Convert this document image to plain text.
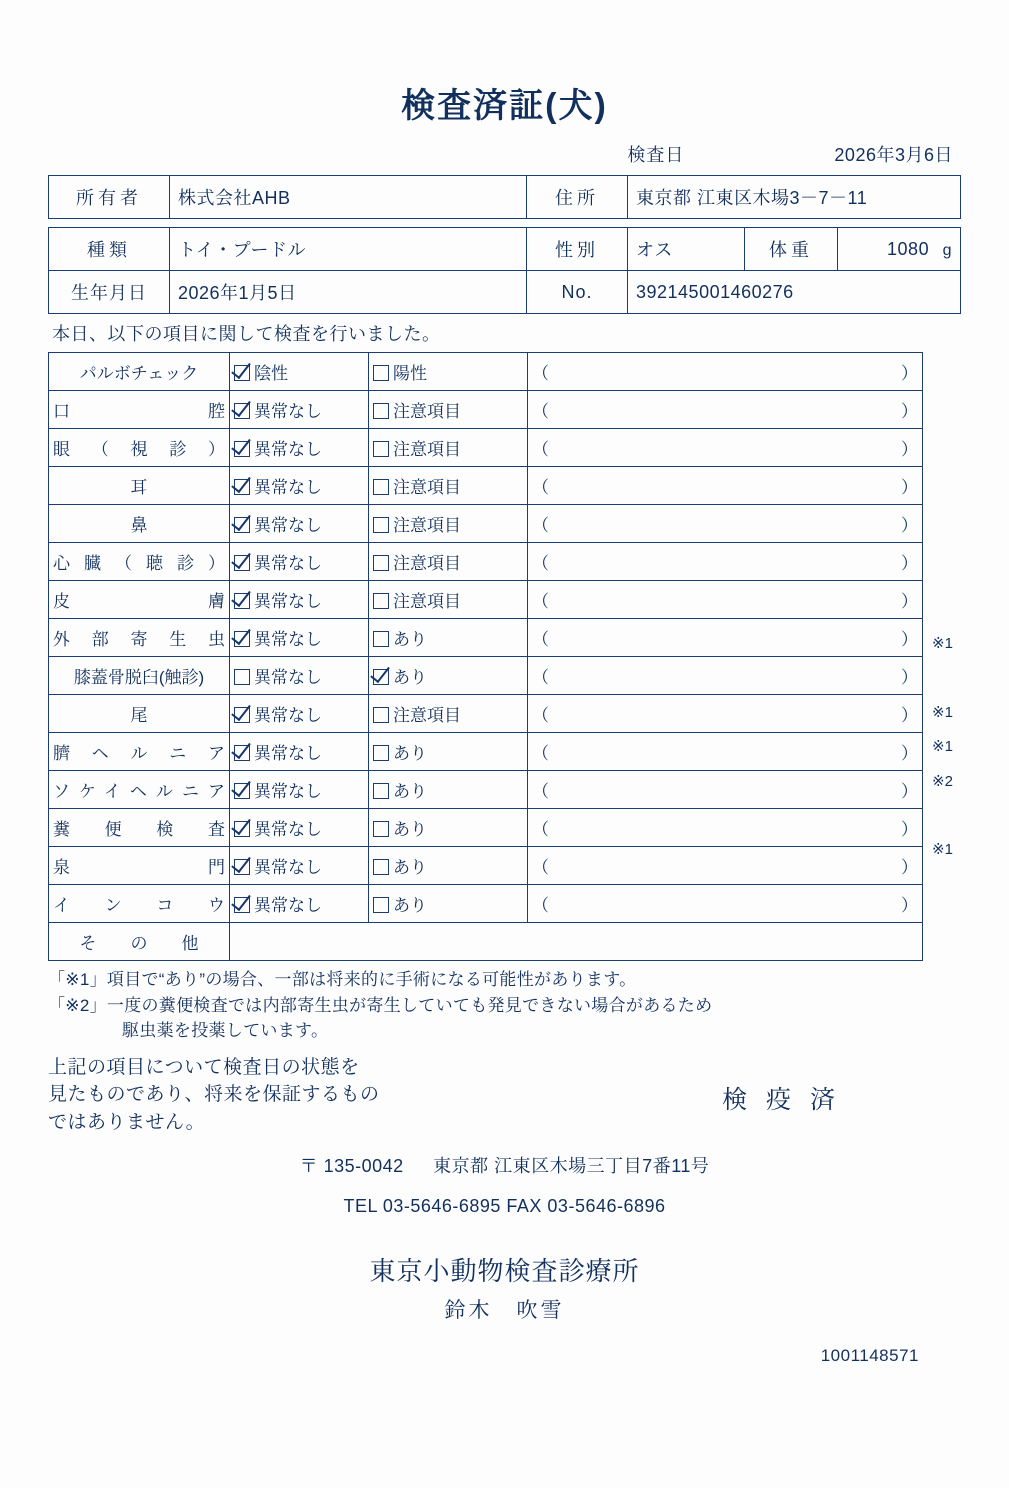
検査済証(犬)
検査日	2026年3月6日
所有者	株式会社AHB	住所	東京都 江東区木場3－7－11
種類	トイ・プードル	性別	オス	体重	1080 g
生年月日	2026年1月5日	No.	392145001460276		
本日、以下の項目に関して検査を行いました。
パルボチェック	陰性	陽性	（ ）

口　　　　腔	異常なし	注意項目	（ ）

眼（視診）	異常なし	注意項目	（ ）

耳	異常なし	注意項目	（ ）

鼻	異常なし	注意項目	（ ）

心臓（聴診）	異常なし	注意項目	（ ）

皮　　　　膚	異常なし	注意項目	（ ）

外部寄生虫	異常なし	あり	（ ）

膝蓋骨脱臼(触診)	異常なし	あり	（ ）

尾	異常なし	注意項目	（ ）

臍ヘルニア	異常なし	あり	（ ）

ソケイヘルニア	異常なし	あり	（ ）

糞便検査	異常なし	あり	（ ）

泉　　　　門	異常なし	あり	（ ）

インコウ	異常なし	あり	（ ）

そ　　の　　他			
※1
※1
※1
※2
※1
「※1」項目で“あり”の場合、一部は将来的に手術になる可能性があります。
「※2」一度の糞便検査では内部寄生虫が寄生していても発見できない場合があるため
駆虫薬を投薬しています。
上記の項目について検査日の状態を
見たものであり、将来を保証するもの
ではありません。
検 疫 済
〒 135-0042 　 東京都 江東区木場三丁目7番11号
TEL 03-5646-6895 FAX 03-5646-6896
東京小動物検査診療所
鈴木　吹雪
1001148571
